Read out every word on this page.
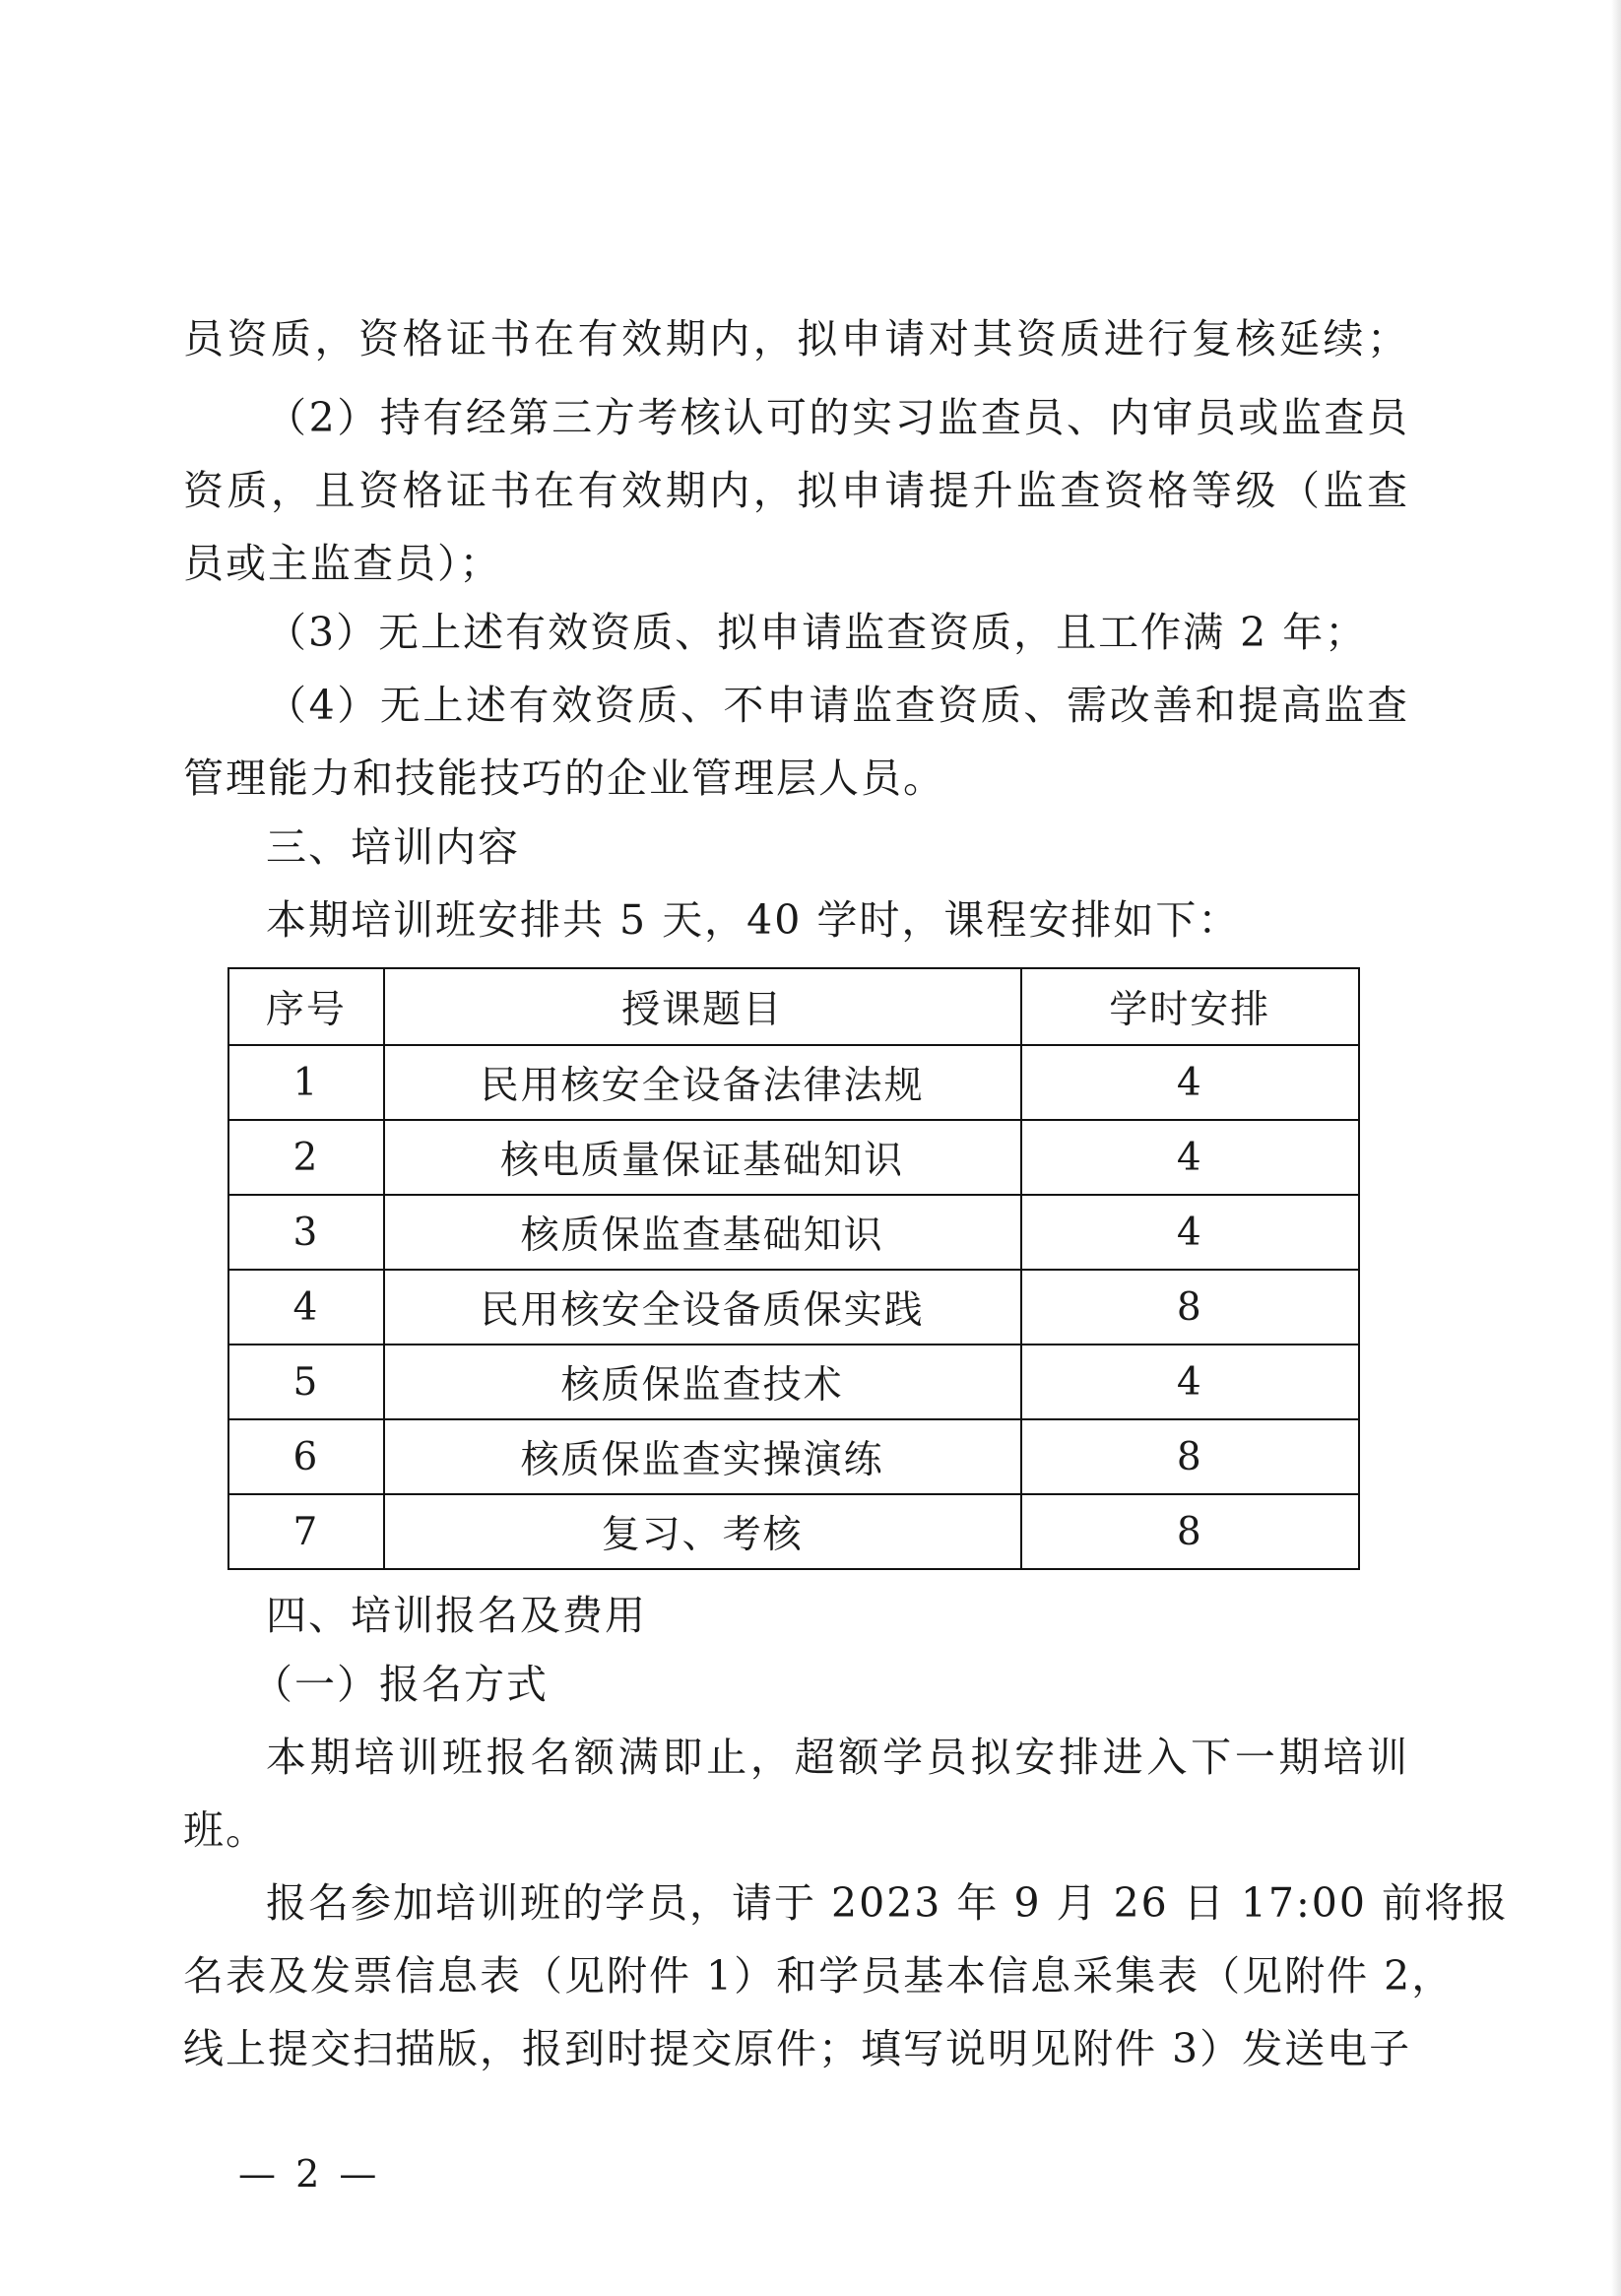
员资质，资格证书在有效期内，拟申请对其资质进行复核延续；
（2）持有经第三方考核认可的实习监查员、内审员或监查员
资质，且资格证书在有效期内，拟申请提升监查资格等级（监查
员或主监查员）；
（3）无上述有效资质、拟申请监查资质，且工作满 2 年；
（4）无上述有效资质、不申请监查资质、需改善和提高监查
管理能力和技能技巧的企业管理层人员。
三、培训内容
本期培训班安排共 5 天，40 学时，课程安排如下：
序号	授课题目	学时安排
1	民用核安全设备法律法规	4
2	核电质量保证基础知识	4
3	核质保监查基础知识	4
4	民用核安全设备质保实践	8
5	核质保监查技术	4
6	核质保监查实操演练	8
7	复习、考核	8
四、培训报名及费用
（一）报名方式
本期培训班报名额满即止，超额学员拟安排进入下一期培训
班。
报名参加培训班的学员，请于 2023 年 9 月 26 日 17:00 前将报
名表及发票信息表（见附件 1）和学员基本信息采集表（见附件 2，
线上提交扫描版，报到时提交原件；填写说明见附件 3）发送电子
— 2 —
